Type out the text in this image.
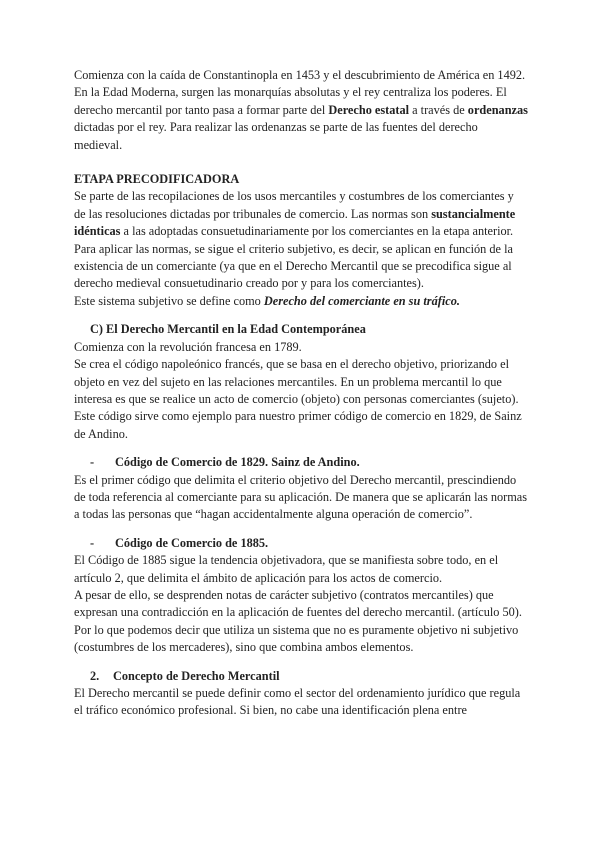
Comienza con la caída de Constantinopla en 1453 y el descubrimiento de América en 1492.

En la Edad Moderna, surgen las monarquías absolutas y el rey centraliza los poderes. El derecho mercantil por tanto pasa a formar parte del Derecho estatal a través de ordenanzas dictadas por el rey. Para realizar las ordenanzas se parte de las fuentes del derecho medieval.

ETAPA PRECODIFICADORA

Se parte de las recopilaciones de los usos mercantiles y costumbres de los comerciantes y de las resoluciones dictadas por tribunales de comercio. Las normas son sustancialmente idénticas a las adoptadas consuetudinariamente por los comerciantes en la etapa anterior.

Para aplicar las normas, se sigue el criterio subjetivo, es decir, se aplican en función de la existencia de un comerciante (ya que en el Derecho Mercantil que se precodifica sigue al derecho medieval consuetudinario creado por y para los comerciantes).

Este sistema subjetivo se define como Derecho del comerciante en su tráfico.

C) El Derecho Mercantil en la Edad Contemporánea

Comienza con la revolución francesa en 1789.

Se crea el código napoleónico francés, que se basa en el derecho objetivo, priorizando el objeto en vez del sujeto en las relaciones mercantiles. En un problema mercantil lo que interesa es que se realice un acto de comercio (objeto) con personas comerciantes (sujeto). Este código sirve como ejemplo para nuestro primer código de comercio en 1829, de Sainz de Andino.

-	Código de Comercio de 1829. Sainz de Andino.

Es el primer código que delimita el criterio objetivo del Derecho mercantil, prescindiendo de toda referencia al comerciante para su aplicación. De manera que se aplicarán las normas a todas las personas que “hagan accidentalmente alguna operación de comercio”.

-	Código de Comercio de 1885.

El Código de 1885 sigue la tendencia objetivadora, que se manifiesta sobre todo, en el artículo 2, que delimita el ámbito de aplicación para los actos de comercio.

A pesar de ello, se desprenden notas de carácter subjetivo (contratos mercantiles) que expresan una contradicción en la aplicación de fuentes del derecho mercantil. (artículo 50).

Por lo que podemos decir que utiliza un sistema que no es puramente objetivo ni subjetivo (costumbres de los mercaderes), sino que combina ambos elementos.

2. Concepto de Derecho Mercantil

El Derecho mercantil se puede definir como el sector del ordenamiento jurídico que regula el tráfico económico profesional. Si bien, no cabe una identificación plena entre
